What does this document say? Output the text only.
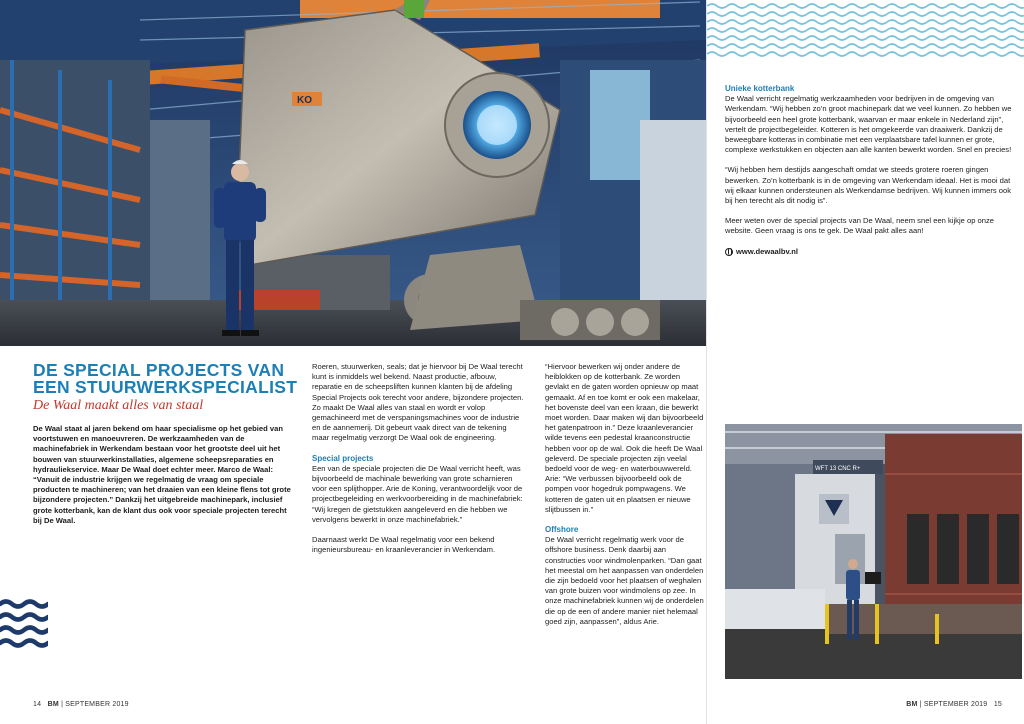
KO
DE SPECIAL PROJECTS VAN EEN STUURWERKSPECIALIST
De Waal maakt alles van staal

De Waal staat al jaren bekend om haar specialisme op het gebied van voortstuwen en manoeuvreren. De werkzaamheden van de machinefabriek in Werkendam bestaan voor het grootste deel uit het bouwen van stuurwerkinstallaties, algemene scheepsreparaties en hydrauliekservice. Maar De Waal doet echter meer. Marco de Waal: “Vanuit de industrie krijgen we regelmatig de vraag om speciale producten te machineren; van het draaien van een kleine flens tot grote bijzondere projecten.” Dankzij het uitgebreide machinepark, inclusief grote kotterbank, kan de klant dus ook voor speciale projecten terecht bij De Waal.

Roeren, stuurwerken, seals; dat je hiervoor bij De Waal terecht kunt is inmiddels wel bekend. Naast productie, afbouw, reparatie en de scheepsliften kunnen klanten bij de afdeling Special Projects ook terecht voor andere, bijzondere projecten. Zo maakt De Waal alles van staal en wordt er volop gemachineerd met de verspaningsmachines voor de industrie en de aannemerij. Dit gebeurt vaak direct van de tekening maar regelmatig verzorgt De Waal ook de engineering.

Special projects

Een van de speciale projecten die De Waal verricht heeft, was bijvoorbeeld de machinale bewerking van grote scharnieren voor een splijthopper. Arie de Koning, verantwoordelijk voor de projectbegeleiding en werkvoorbereiding in de machinefabriek: “Wij kregen de gietstukken aangeleverd en die hebben we vervolgens bewerkt in onze machinefabriek.”

Daarnaast werkt De Waal regelmatig voor een bekend ingenieursbureau- en kraanleverancier in Werkendam.

“Hiervoor bewerken wij onder andere de heiblokken op de kotterbank. Ze worden gevlakt en de gaten worden opnieuw op maat gemaakt. Af en toe komt er ook een makelaar, het bovenste deel van een kraan, die bewerkt moet worden. Daar maken wij dan bijvoorbeeld het gatenpatroon in.” Deze kraanleverancier wilde tevens een pedestal kraanconstructie hebben voor op de wal. Ook die heeft De Waal geleverd. De speciale projecten zijn veelal bedoeld voor de weg- en waterbouwwereld. Arie: “We verbussen bijvoorbeeld ook de pompen voor hogedruk pompwagens. We kotteren de gaten uit en plaatsen er nieuwe slijtbussen in.”

Offshore

De Waal verricht regelmatig werk voor de offshore business. Denk daarbij aan constructies voor windmolenparken. “Dan gaat het meestal om het aanpassen van onderdelen die zijn bedoeld voor het plaatsen of weghalen van grote buizen voor windmolens op zee. In onze machinefabriek kunnen wij de onderdelen die op de een of andere manier niet helemaal goed zijn, aanpassen”, aldus Arie.

14 BM | SEPTEMBER 2019
Unieke kotterbank

De Waal verricht regelmatig werkzaamheden voor bedrijven in de omgeving van Werkendam. “Wij hebben zo’n groot machinepark dat we veel kunnen. Zo hebben we bijvoorbeeld een heel grote kotterbank, waarvan er maar enkele in Nederland zijn”, vertelt de projectbegeleider. Kotteren is het omgekeerde van draaiwerk. Dankzij de beweegbare kotteras in combinatie met een verplaatsbare tafel kunnen er grote, complexe werkstukken en objecten aan alle kanten bewerkt worden. Snel en precies!

“Wij hebben hem destijds aangeschaft omdat we steeds grotere roeren gingen bewerken. Zo’n kotterbank is in de omgeving van Werkendam ideaal. Het is mooi dat wij elkaar kunnen ondersteunen als Werkendamse bedrijven. Wij kunnen immers ook bij hen terecht als dit nodig is”.

Meer weten over de special projects van De Waal, neem snel een kijkje op onze website. Geen vraag is ons te gek. De Waal pakt alles aan!

www.dewaalbv.nl
WFT 13 CNC R+
BM | SEPTEMBER 2019 15
